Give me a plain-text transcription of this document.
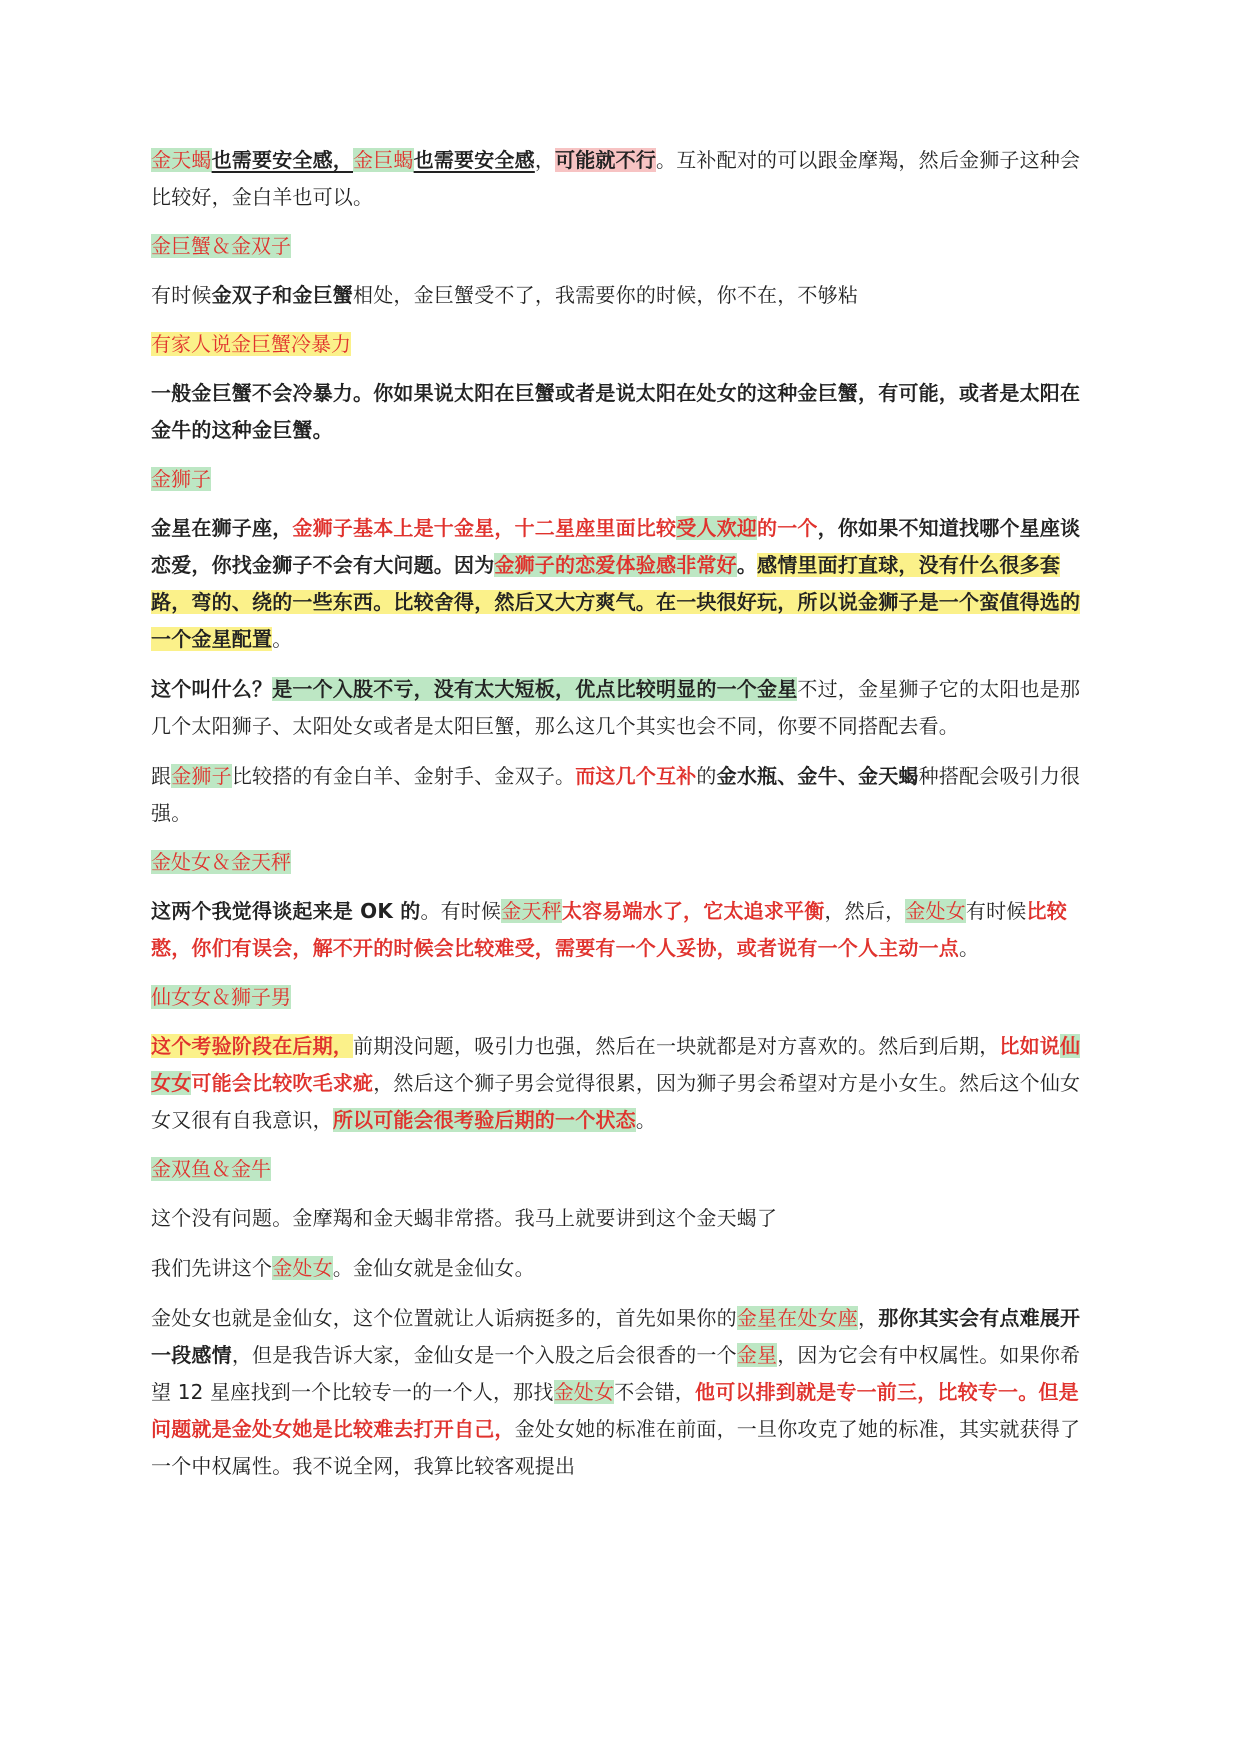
金天蝎也需要安全感，金巨蝎也需要安全感，可能就不行。互补配对的可以跟金摩羯，然后金狮子这种会比较好，金白羊也可以。

金巨蟹＆金双子

有时候金双子和金巨蟹相处，金巨蟹受不了，我需要你的时候，你不在，不够粘

有家人说金巨蟹冷暴力

一般金巨蟹不会冷暴力。你如果说太阳在巨蟹或者是说太阳在处女的这种金巨蟹，有可能，或者是太阳在金牛的这种金巨蟹。

金狮子

金星在狮子座，金狮子基本上是十金星，十二星座里面比较受人欢迎的一个，你如果不知道找哪个星座谈恋爱，你找金狮子不会有大问题。因为金狮子的恋爱体验感非常好。感情里面打直球，没有什么很多套路，弯的、绕的一些东西。比较舍得，然后又大方爽气。在一块很好玩，所以说金狮子是一个蛮值得选的一个金星配置。

这个叫什么？是一个入股不亏，没有太大短板，优点比较明显的一个金星不过，金星狮子它的太阳也是那几个太阳狮子、太阳处女或者是太阳巨蟹，那么这几个其实也会不同，你要不同搭配去看。

跟金狮子比较搭的有金白羊、金射手、金双子。而这几个互补的金水瓶、金牛、金天蝎种搭配会吸引力很强。

金处女＆金天秤

这两个我觉得谈起来是 OK 的。有时候金天秤太容易端水了，它太追求平衡，然后，金处女有时候比较憨，你们有误会，解不开的时候会比较难受，需要有一个人妥协，或者说有一个人主动一点。

仙女女＆狮子男

这个考验阶段在后期，前期没问题，吸引力也强，然后在一块就都是对方喜欢的。然后到后期，比如说仙女女可能会比较吹毛求疵，然后这个狮子男会觉得很累，因为狮子男会希望对方是小女生。然后这个仙女女又很有自我意识，所以可能会很考验后期的一个状态。

金双鱼＆金牛

这个没有问题。金摩羯和金天蝎非常搭。我马上就要讲到这个金天蝎了

我们先讲这个金处女。金仙女就是金仙女。

金处女也就是金仙女，这个位置就让人诟病挺多的，首先如果你的金星在处女座，那你其实会有点难展开一段感情，但是我告诉大家，金仙女是一个入股之后会很香的一个金星，因为它会有中权属性。如果你希望 12 星座找到一个比较专一的一个人，那找金处女不会错，他可以排到就是专一前三，比较专一。但是问题就是金处女她是比较难去打开自己，金处女她的标准在前面，一旦你攻克了她的标准，其实就获得了一个中权属性。我不说全网，我算比较客观提出
